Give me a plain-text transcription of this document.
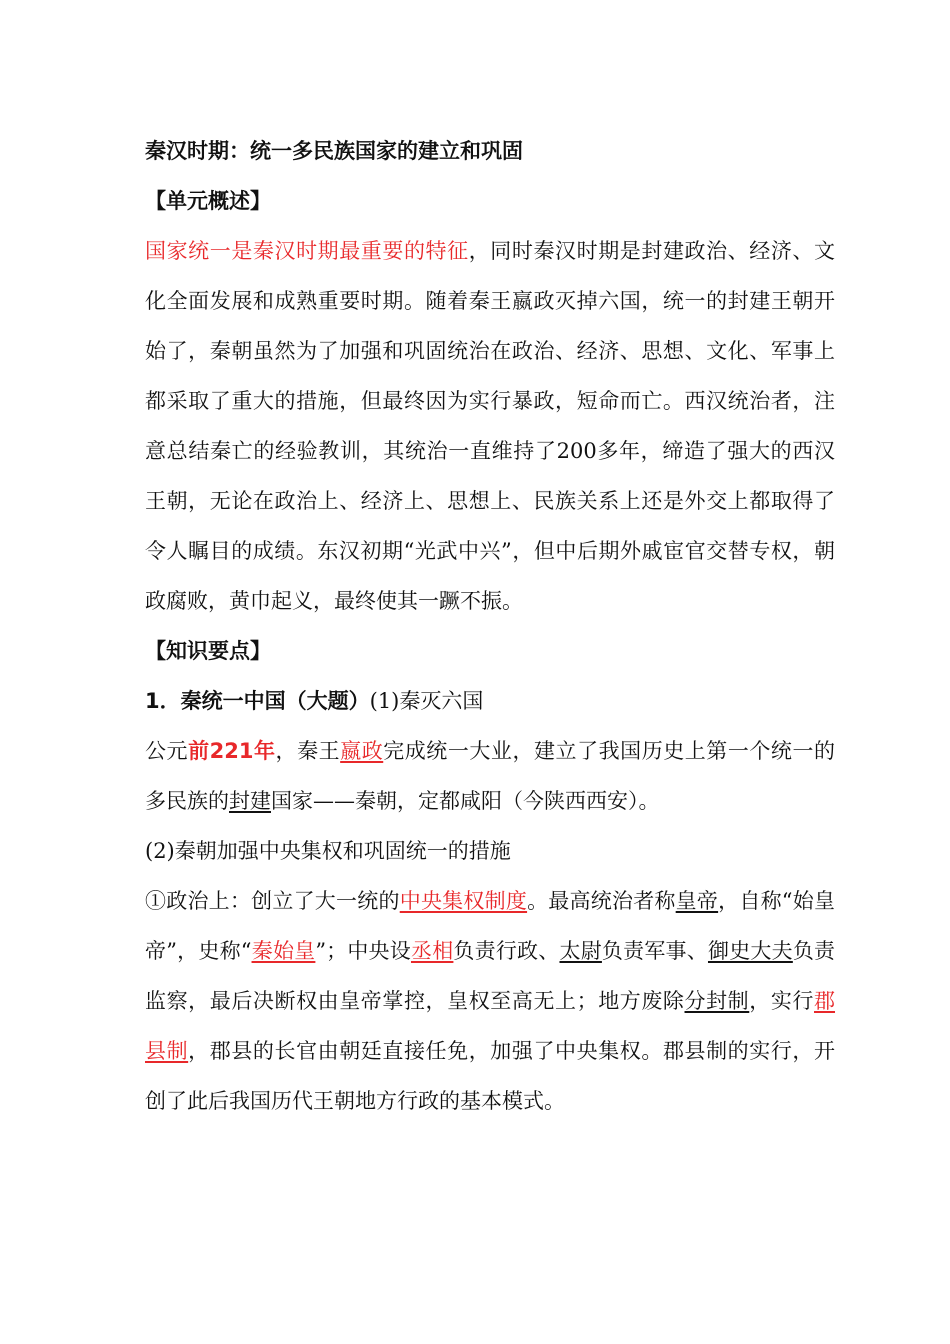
秦汉时期：统一多民族国家的建立和巩固
【单元概述】

国家统一是秦汉时期最重要的特征，同时秦汉时期是封建政治、经济、文化全面发展和成熟重要时期。随着秦王嬴政灭掉六国，统一的封建王朝开始了，秦朝虽然为了加强和巩固统治在政治、经济、思想、文化、军事上都采取了重大的措施，但最终因为实行暴政，短命而亡。西汉统治者，注意总结秦亡的经验教训，其统治一直维持了200多年，缔造了强大的西汉王朝，无论在政治上、经济上、思想上、民族关系上还是外交上都取得了令人瞩目的成绩。东汉初期“光武中兴”，但中后期外戚宦官交替专权，朝政腐败，黄巾起义，最终使其一蹶不振。

【知识要点】
1．秦统一中国（大题）(1)秦灭六国

公元前221年，秦王嬴政完成统一大业，建立了我国历史上第一个统一的多民族的封建国家——秦朝，定都咸阳（今陕西西安）。

(2)秦朝加强中央集权和巩固统一的措施

①政治上：创立了大一统的中央集权制度。最高统治者称皇帝，自称“始皇帝”，史称“秦始皇”；中央设丞相负责行政、太尉负责军事、御史大夫负责监察，最后决断权由皇帝掌控，皇权至高无上；地方废除分封制，实行郡县制，郡县的长官由朝廷直接任免，加强了中央集权。郡县制的实行，开创了此后我国历代王朝地方行政的基本模式。
